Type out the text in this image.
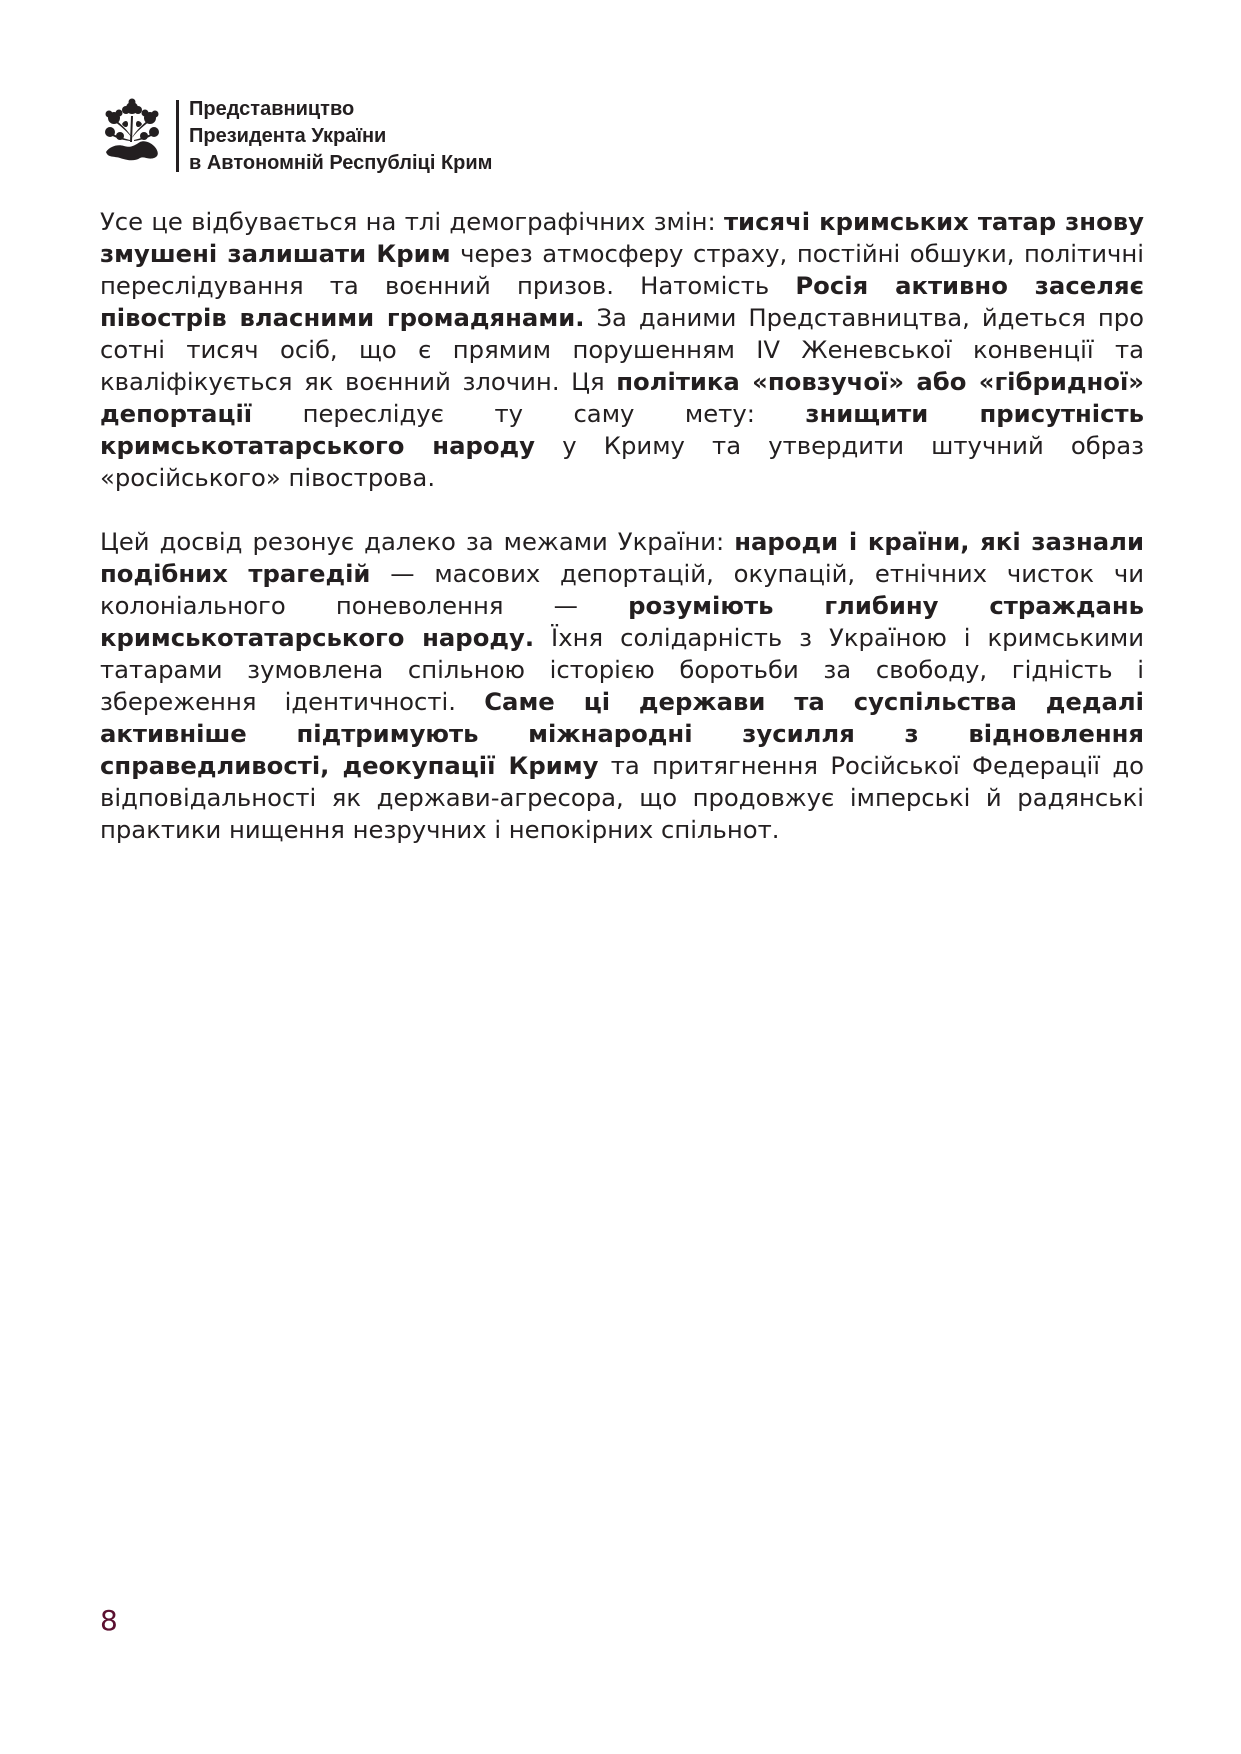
Представництво
Президента України
в Автономній Республіці Крим

Усе це відбувається на тлі демографічних змін: тисячі кримських татар знову змушені залишати Крим через атмосферу страху, постійні обшуки, політичні переслідування та воєнний призов. Натомість Росія активно заселяє півострів власними громадянами. За даними Представництва, йдеться про сотні тисяч осіб, що є прямим порушенням IV Женевської конвенції та кваліфікується як воєнний злочин. Ця політика «повзучої» або «гібридної» депортації переслідує ту саму мету: знищити присутність кримськотатарського народу у Криму та утвердити штучний образ «російського» півострова.

Цей досвід резонує далеко за межами України: народи і країни, які зазнали подібних трагедій — масових депортацій, окупацій, етнічних чисток чи колоніального поневолення — розуміють глибину страждань кримськотатарського народу. Їхня солідарність з Україною і кримськими татарами зумовлена спільною історією боротьби за свободу, гідність і збереження ідентичності. Саме ці держави та суспільства дедалі активніше підтримують міжнародні зусилля з відновлення справедливості, деокупації Криму та притягнення Російської Федерації до відповідальності як держави-агресора, що продовжує імперські й радянські практики нищення незручних і непокірних спільнот.

8
